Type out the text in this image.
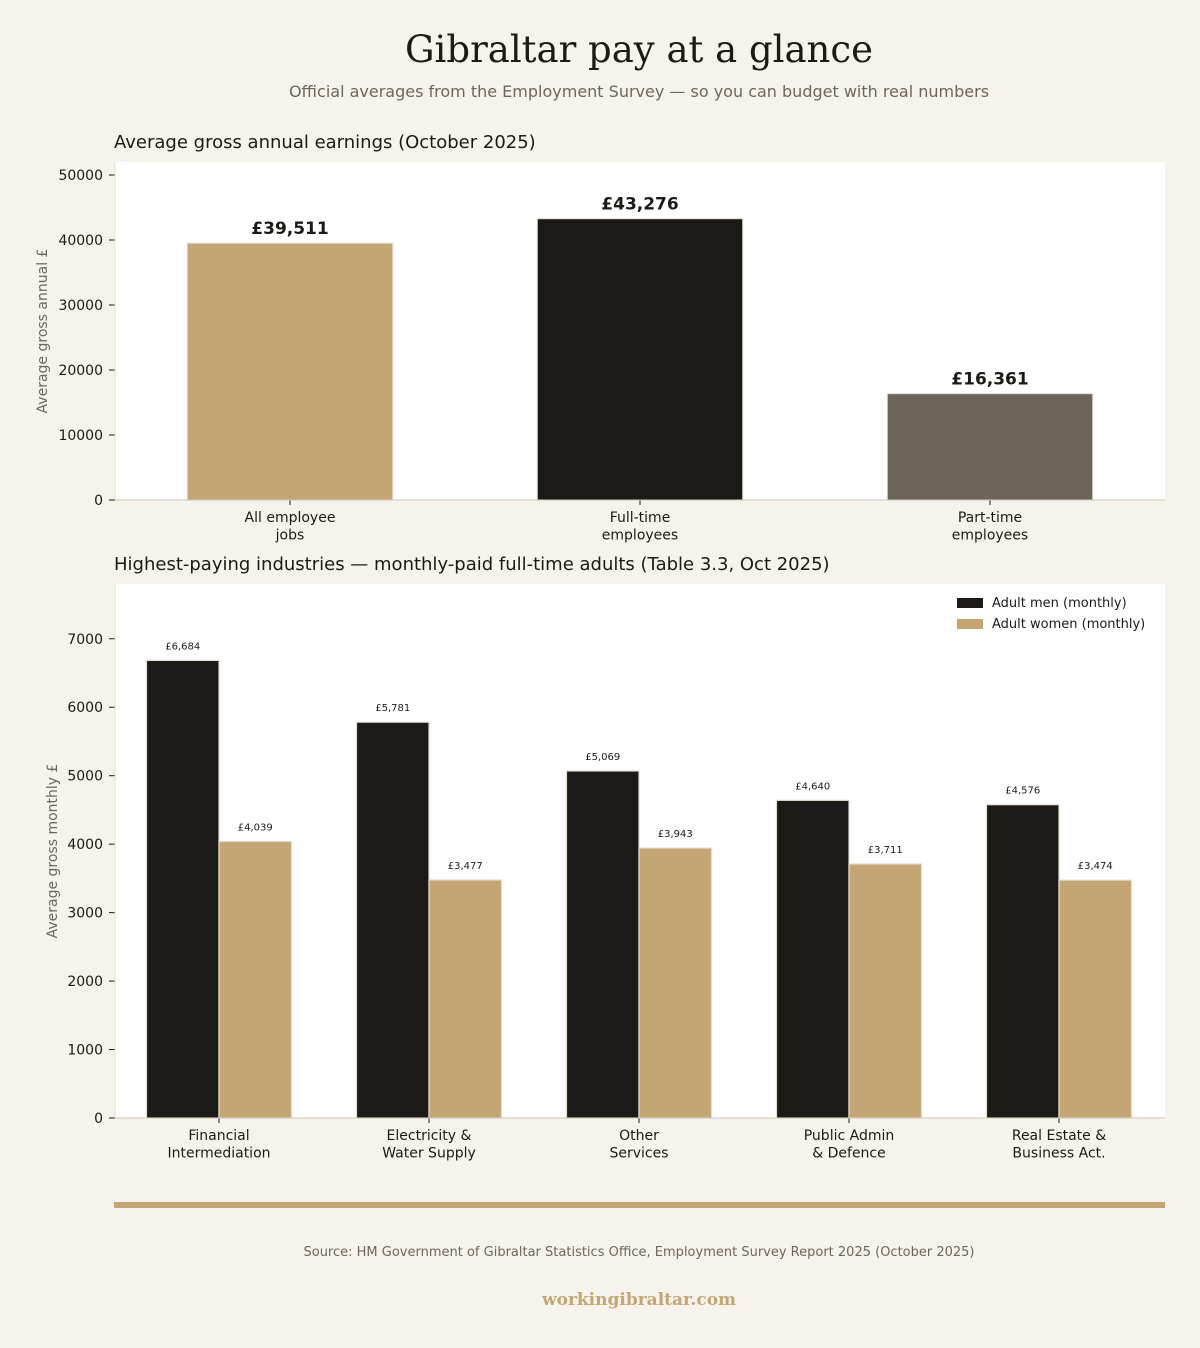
Gibraltar pay at a glance
Official averages from the Employment Survey — so you can budget with real numbers
Average gross annual earnings (October 2025)
Average gross annual £
0
10000
20000
30000
40000
50000
£39,511
£43,276
£16,361
All employee jobs
Full-time employees
Part-time employees
Highest-paying industries — monthly-paid full-time adults (Table 3.3, Oct 2025)
Average gross monthly £
0
1000
2000
3000
4000
5000
6000
7000	£6,684
£4,039
£5,781
£3,477
£5,069
£3,943
£4,640
£3,711
£4,576
£3,474
Financial Intermediation
Electricity & Water Supply
Other Services
Public Admin & Defence
Real Estate & Business Act.
Adult men (monthly)
Adult women (monthly)
Source: HM Government of Gibraltar Statistics Office, Employment Survey Report 2025 (October 2025)
workingibraltar.com
